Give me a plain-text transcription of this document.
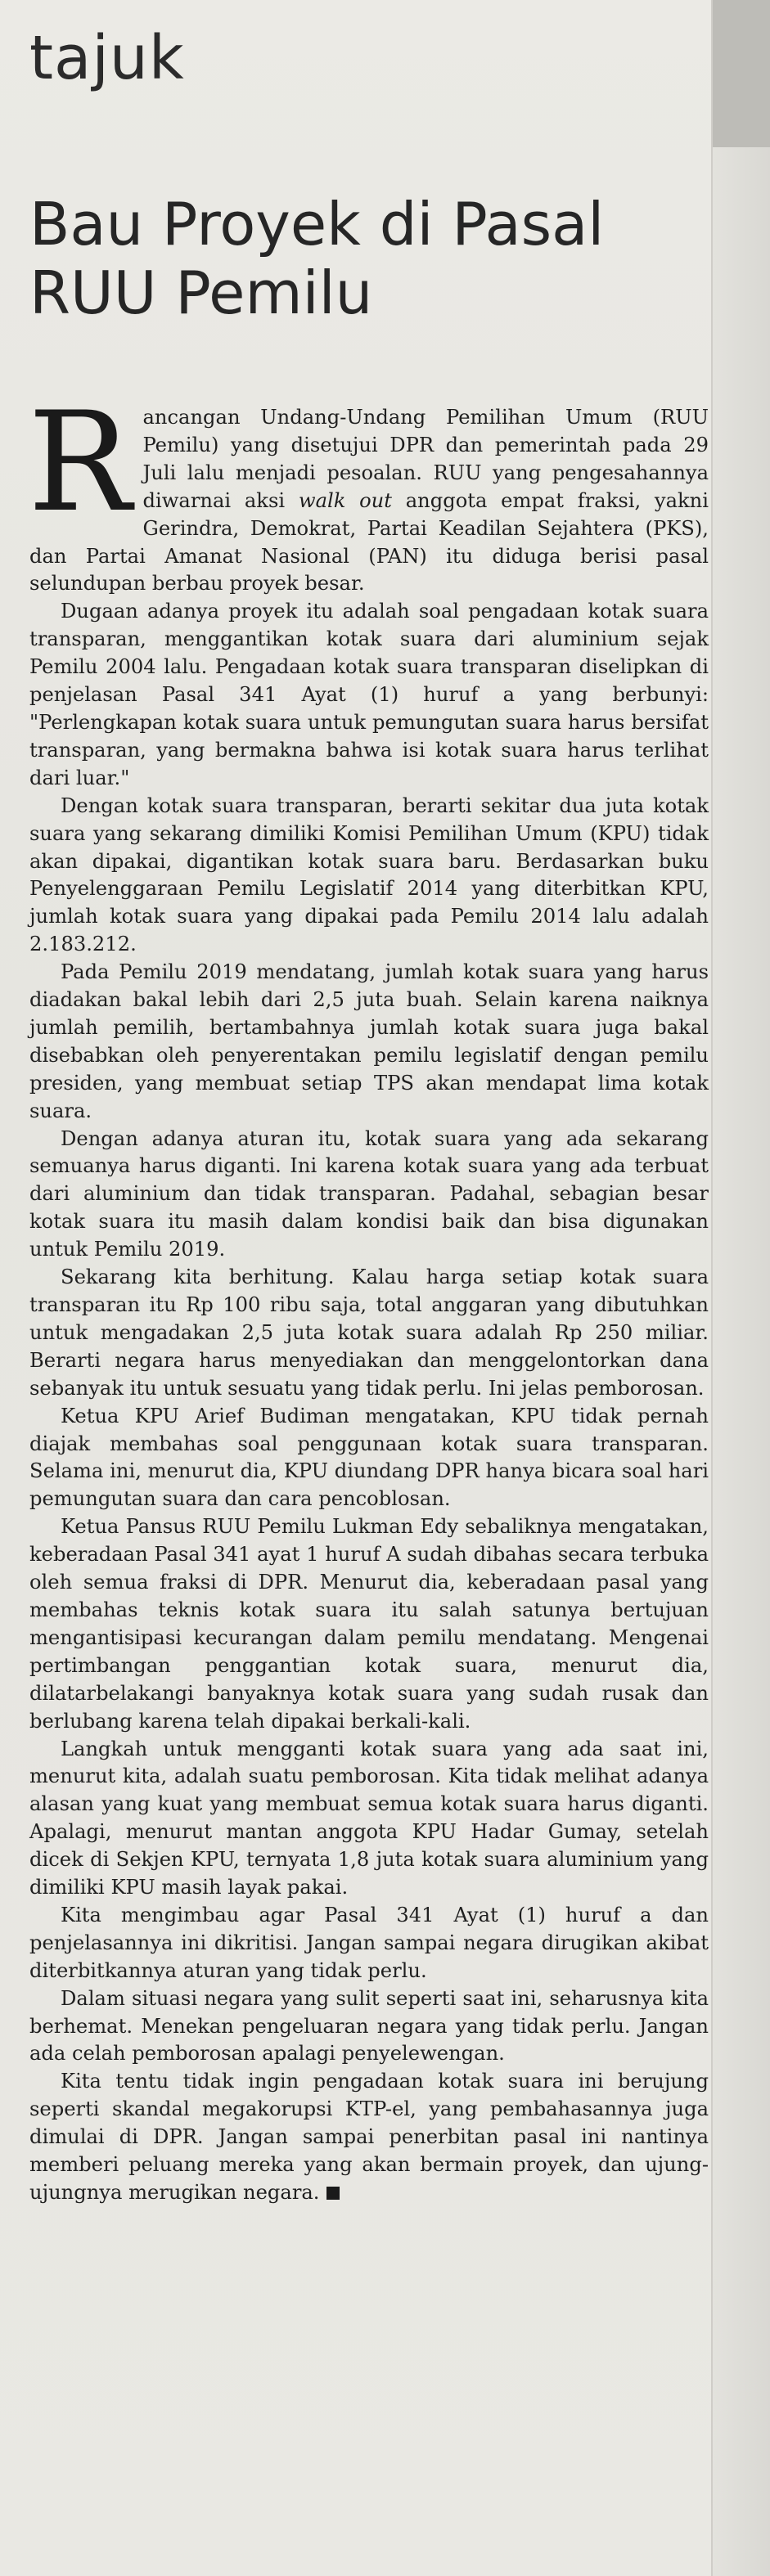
tajuk
Bau Proyek di Pasal RUU Pemilu

Rancangan Undang-Undang Pemilihan Umum (RUU Pemilu) yang disetujui DPR dan pemerintah pada 29 Juli lalu menjadi pesoalan. RUU yang pengesahannya diwarnai aksi walk out anggota empat fraksi, yakni Gerindra, Demokrat, Partai Keadilan Sejahtera (PKS), dan Partai Amanat Nasional (PAN) itu diduga berisi pasal selundupan berbau proyek besar.

Dugaan adanya proyek itu adalah soal pengadaan kotak suara transparan, menggantikan kotak suara dari aluminium sejak Pemilu 2004 lalu. Pengadaan kotak suara transparan diselipkan di penjelasan Pasal 341 Ayat (1) huruf a yang berbunyi: "Perlengkapan kotak suara untuk pemungutan suara harus bersifat transparan, yang bermakna bahwa isi kotak suara harus terlihat dari luar."

Dengan kotak suara transparan, berarti sekitar dua juta kotak suara yang sekarang dimiliki Komisi Pemilihan Umum (KPU) tidak akan dipakai, digantikan kotak suara baru. Berdasarkan buku Penyelenggaraan Pemilu Legislatif 2014 yang diterbitkan KPU, jumlah kotak suara yang dipakai pada Pemilu 2014 lalu adalah 2.183.212.

Pada Pemilu 2019 mendatang, jumlah kotak suara yang harus diadakan bakal lebih dari 2,5 juta buah. Selain karena naiknya jumlah pemilih, bertambahnya jumlah kotak suara juga bakal disebabkan oleh penyerentakan pemilu legislatif dengan pemilu presiden, yang membuat setiap TPS akan mendapat lima kotak suara.

Dengan adanya aturan itu, kotak suara yang ada sekarang semuanya harus diganti. Ini karena kotak suara yang ada terbuat dari aluminium dan tidak transparan. Padahal, sebagian besar kotak suara itu masih dalam kondisi baik dan bisa digunakan untuk Pemilu 2019.

Sekarang kita berhitung. Kalau harga setiap kotak suara transparan itu Rp 100 ribu saja, total anggaran yang dibutuhkan untuk mengadakan 2,5 juta kotak suara adalah Rp 250 miliar. Berarti negara harus menyediakan dan menggelontorkan dana sebanyak itu untuk sesuatu yang tidak perlu. Ini jelas pemborosan.

Ketua KPU Arief Budiman mengatakan, KPU tidak pernah diajak membahas soal penggunaan kotak suara transparan. Selama ini, menurut dia, KPU diundang DPR hanya bicara soal hari pemungutan suara dan cara pencoblosan.

Ketua Pansus RUU Pemilu Lukman Edy sebaliknya mengatakan, keberadaan Pasal 341 ayat 1 huruf A sudah dibahas secara terbuka oleh semua fraksi di DPR. Menurut dia, keberadaan pasal yang membahas teknis kotak suara itu salah satunya bertujuan mengantisipasi kecurangan dalam pemilu mendatang. Mengenai pertimbangan penggantian kotak suara, menurut dia, dilatarbelakangi banyaknya kotak suara yang sudah rusak dan berlubang karena telah dipakai berkali-kali.

Langkah untuk mengganti kotak suara yang ada saat ini, menurut kita, adalah suatu pemborosan. Kita tidak melihat adanya alasan yang kuat yang membuat semua kotak suara harus diganti. Apalagi, menurut mantan anggota KPU Hadar Gumay, setelah dicek di Sekjen KPU, ternyata 1,8 juta kotak suara aluminium yang dimiliki KPU masih layak pakai.

Kita mengimbau agar Pasal 341 Ayat (1) huruf a dan penjelasannya ini dikritisi. Jangan sampai negara dirugikan akibat diterbitkannya aturan yang tidak perlu.

Dalam situasi negara yang sulit seperti saat ini, seharusnya kita berhemat. Menekan pengeluaran negara yang tidak perlu. Jangan ada celah pemborosan apalagi penyelewengan.

Kita tentu tidak ingin pengadaan kotak suara ini berujung seperti skandal megakorupsi KTP-el, yang pembahasannya juga dimulai di DPR. Jangan sampai penerbitan pasal ini nantinya memberi peluang mereka yang akan bermain proyek, dan ujung-ujungnya merugikan negara.
